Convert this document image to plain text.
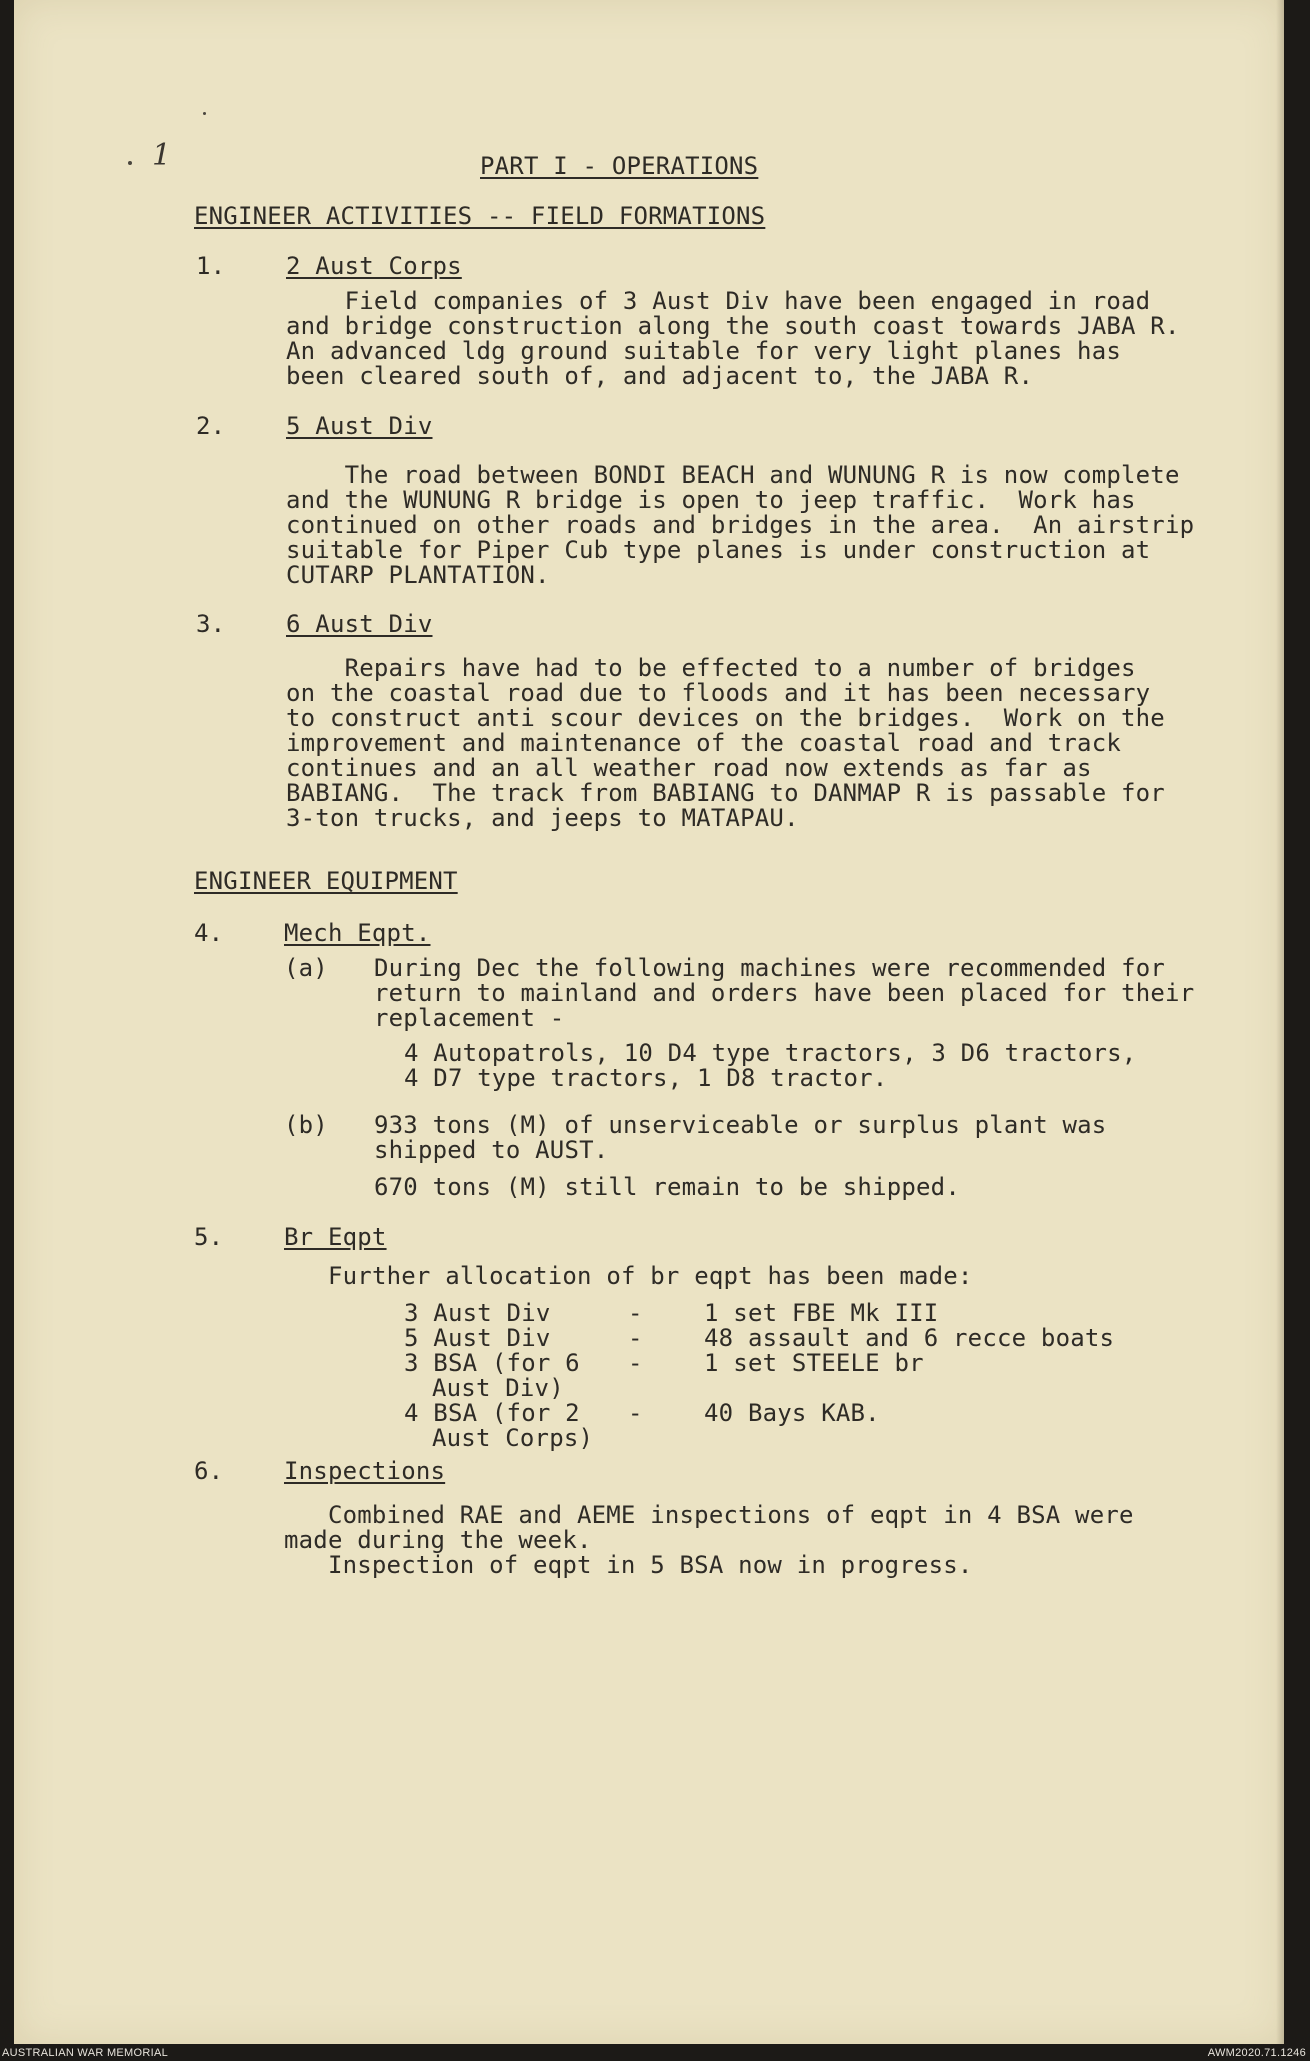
1	PART I - OPERATIONS
ENGINEER ACTIVITIES -- FIELD FORMATIONS
1.	2 Aust Corps
Field companies of 3 Aust Div have been engaged in road
and bridge construction along the south coast towards JABA R.
An advanced ldg ground suitable for very light planes has
been cleared south of, and adjacent to, the JABA R.
2.	5 Aust Div
The road between BONDI BEACH and WUNUNG R is now complete
and the WUNUNG R bridge is open to jeep traffic.  Work has
continued on other roads and bridges in the area.  An airstrip
suitable for Piper Cub type planes is under construction at
CUTARP PLANTATION.
3.	6 Aust Div
Repairs have had to be effected to a number of bridges
on the coastal road due to floods and it has been necessary
to construct anti scour devices on the bridges.  Work on the
improvement and maintenance of the coastal road and track
continues and an all weather road now extends as far as
BABIANG.  The track from BABIANG to DANMAP R is passable for
3-ton trucks, and jeeps to MATAPAU.
ENGINEER EQUIPMENT
4.	Mech Eqpt.
(a) During Dec the following machines were recommended for
return to mainland and orders have been placed for their
replacement -
4 Autopatrols, 10 D4 type tractors, 3 D6 tractors,
4 D7 type tractors, 1 D8 tractor.
(b) 933 tons (M) of unserviceable or surplus plant was
shipped to AUST.
670 tons (M) still remain to be shipped.
5.	Br Eqpt
Further allocation of br eqpt has been made:
3 Aust Div	-	1 set FBE Mk III
5 Aust Div	-	48 assault and 6 recce boats
3 BSA (for 6
Aust Div)
-	1 set STEELE br
4 BSA (for 2
Aust Corps)
-	40 Bays KAB.
6.	Inspections
Combined RAE and AEME inspections of eqpt in 4 BSA were
made during the week.
Inspection of eqpt in 5 BSA now in progress.
AUSTRALIAN WAR MEMORIAL	AWM2020.71.1246
